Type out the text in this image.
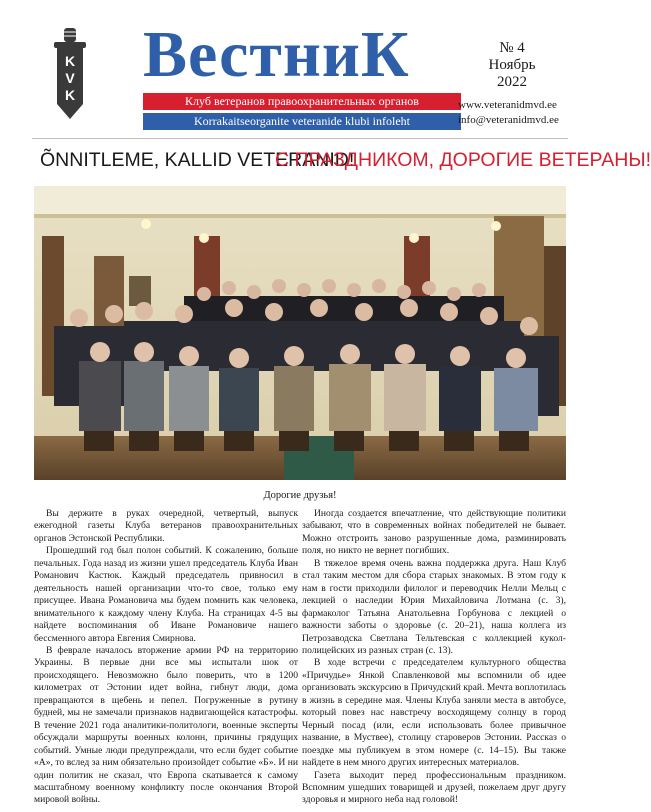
K
V
K
ВестниК
Клуб ветеранов правоохранительных органов
Korrakaitseorganite veteranide klubi infoleht
№ 4
Ноябрь
2022
www.veteranidmvd.ee
info@veteranidmvd.ee
ÕNNITLEME, KALLID VETERANID!
С ПРАЗДНИКОМ, ДОРОГИЕ ВЕТЕРАНЫ!
Дорогие друзья!

Вы держите в руках очередной, четвертый, выпуск ежегодной газеты Клуба ветеранов правоохранительных органов Эстонской Республики.

Прошедший год был полон событий. К сожалению, больше печальных. Года назад из жизни ушел председатель Клуба Иван Романович Кастюк. Каждый председатель привносил в деятельность нашей организации что-то свое, только ему присущее. Ивана Романовича мы будем помнить как человека, внимательного к каждому члену Клуба. На страницах 4-5 вы найдете воспоминания об Иване Романовиче нашего бессменного автора Евгения Смирнова.

В феврале началось вторжение армии РФ на территорию Украины. В первые дни все мы испытали шок от происходящего. Невозможно было поверить, что в 1200 километрах от Эстонии идет война, гибнут люди, дома превращаются в щебень и пепел. Погруженные в рутину будней, мы не замечали признаков надвигающейся катастрофы. В течение 2021 года аналитики-политологи, военные эксперты обсуждали маршруты военных колонн, причины грядущих событий. Умные люди предупреждали, что если будет событие «А», то вслед за ним обязательно произойдет событие «Б». И ни один политик не сказал, что Европа скатывается к самому масштабному военному конфликту после окончания Второй мировой войны.

Иногда создается впечатление, что действующие политики забывают, что в современных войнах победителей не бывает. Можно отстроить заново разрушенные дома, разминировать поля, но никто не вернет погибших.

В тяжелое время очень важна поддержка друга. Наш Клуб стал таким местом для сбора старых знакомых. В этом году к нам в гости приходили филолог и переводчик Нелли Мельц с лекцией о наследии Юрия Михайловича Лотмана (с. 3), фармаколог Татьяна Анатольевна Горбунова с лекцией о важности заботы о здоровье (с. 20–21), наша коллега из Петрозаводска Светлана Тельтевская с коллекцией кукол-полицейских из разных стран (с. 13).

В ходе встречи с председателем культурного общества «Причудье» Янкой Спавленковой мы вспомнили об идее организовать экскурсию в Причудский край. Мечта воплотилась в жизнь в середине мая. Члены Клуба заняли места в автобусе, который повез нас навстречу восходящему солнцу в город Черный посад (или, если использовать более привычное название, в Муствее), столицу староверов Эстонии. Рассказ о поездке мы публикуем в этом номере (с. 14–15). Вы также найдете в нем много других интересных материалов.

Газета выходит перед профессиональным праздником. Вспомним ушедших товарищей и друзей, пожелаем друг другу здоровья и мирного неба над головой!
